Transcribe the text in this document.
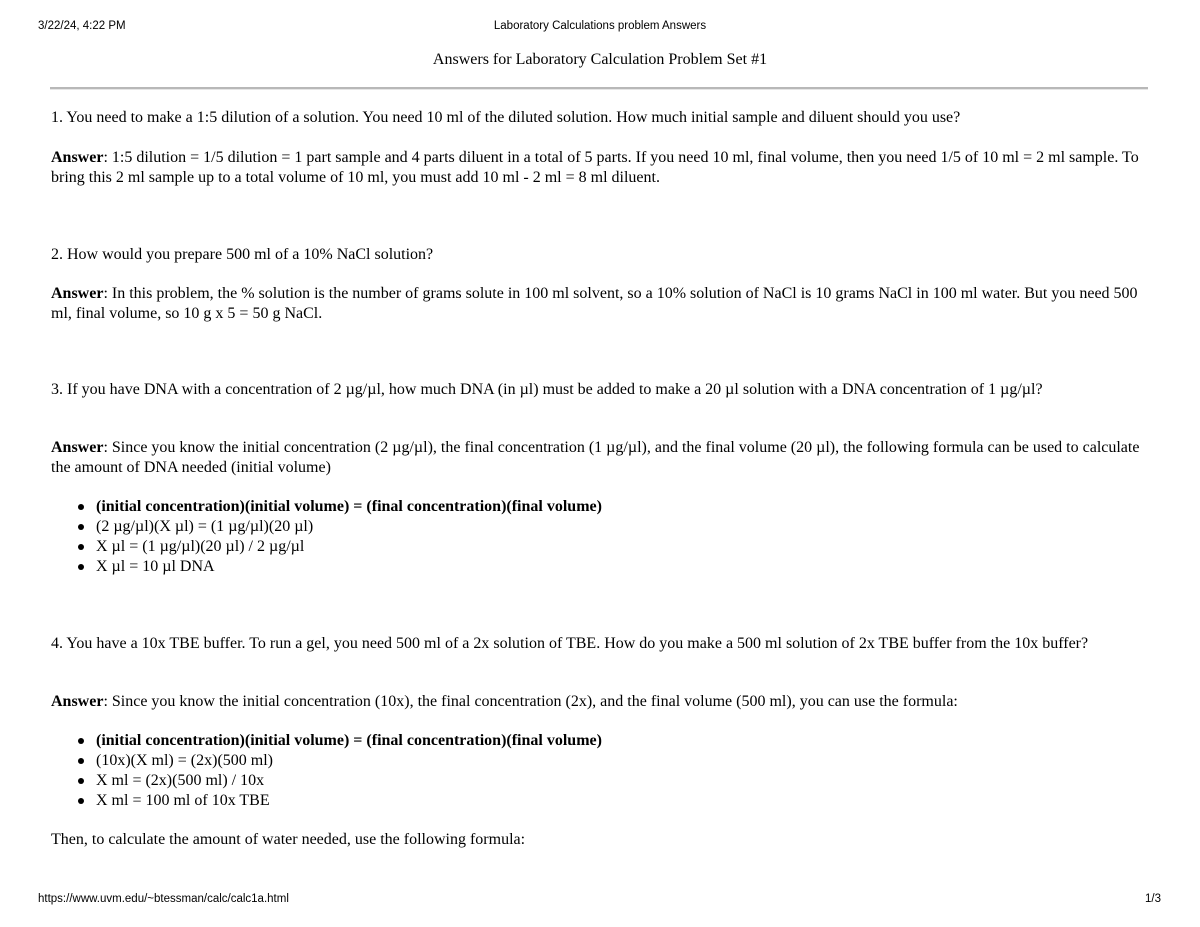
3/22/24, 4:22 PM	Laboratory Calculations problem Answers
Answers for Laboratory Calculation Problem Set #1

1. You need to make a 1:5 dilution of a solution. You need 10 ml of the diluted solution. How much initial sample and diluent should you use?

Answer: 1:5 dilution = 1/5 dilution = 1 part sample and 4 parts diluent in a total of 5 parts. If you need 10 ml, final volume, then you need 1/5 of 10 ml = 2 ml sample. To bring this 2 ml sample up to a total volume of 10 ml, you must add 10 ml - 2 ml = 8 ml diluent.

2. How would you prepare 500 ml of a 10% NaCl solution?

Answer: In this problem, the % solution is the number of grams solute in 100 ml solvent, so a 10% solution of NaCl is 10 grams NaCl in 100 ml water. But you need 500 ml, final volume, so 10 g x 5 = 50 g NaCl.

3. If you have DNA with a concentration of 2 µg/µl, how much DNA (in µl) must be added to make a 20 µl solution with a DNA concentration of 1 µg/µl?

Answer: Since you know the initial concentration (2 µg/µl), the final concentration (1 µg/µl), and the final volume (20 µl), the following formula can be used to calculate the amount of DNA needed (initial volume)

(initial concentration)(initial volume) = (final concentration)(final volume)
(2 µg/µl)(X µl) = (1 µg/µl)(20 µl)
X µl = (1 µg/µl)(20 µl) / 2 µg/µl
X µl = 10 µl DNA

4. You have a 10x TBE buffer. To run a gel, you need 500 ml of a 2x solution of TBE. How do you make a 500 ml solution of 2x TBE buffer from the 10x buffer?

Answer: Since you know the initial concentration (10x), the final concentration (2x), and the final volume (500 ml), you can use the formula:

(initial concentration)(initial volume) = (final concentration)(final volume)
(10x)(X ml) = (2x)(500 ml)
X ml = (2x)(500 ml) / 10x
X ml = 100 ml of 10x TBE

Then, to calculate the amount of water needed, use the following formula:

https://www.uvm.edu/~btessman/calc/calc1a.html	1/3
